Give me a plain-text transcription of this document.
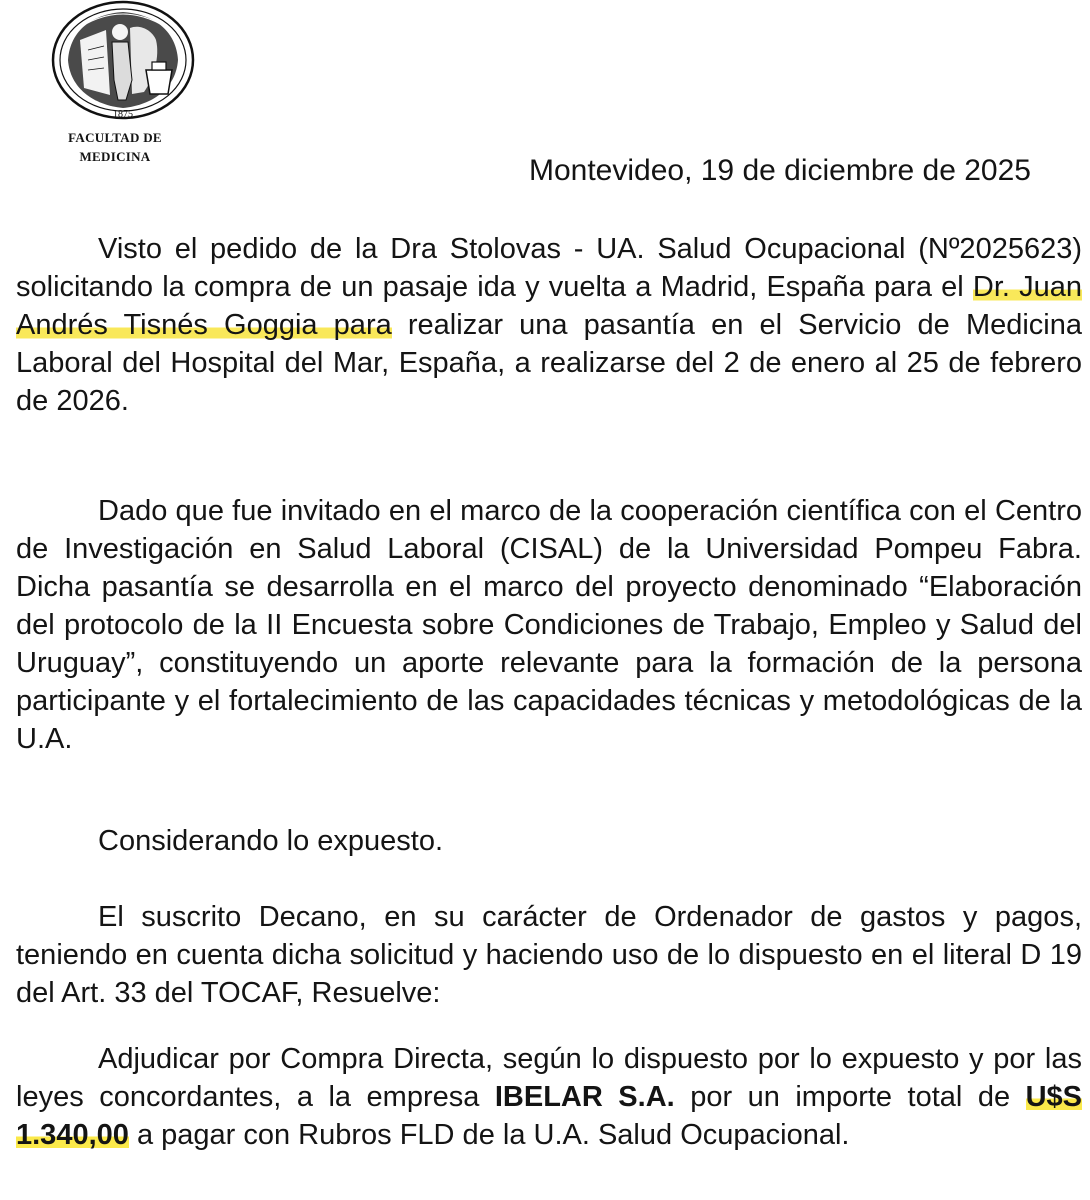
1875
FACULTAD DE
MEDICINA	Montevideo, 19 de diciembre de 2025

Visto el pedido de la Dra Stolovas - UA. Salud Ocupacional (Nº2025623) solicitando la compra de un pasaje ida y vuelta a Madrid, España para el Dr. Juan Andrés Tisnés Goggia para realizar una pasantía en el Servicio de Medicina Laboral del Hospital del Mar, España, a realizarse del 2 de enero al 25 de febrero de 2026.

Dado que fue invitado en el marco de la cooperación científica con el Centro de Investigación en Salud Laboral (CISAL) de la Universidad Pompeu Fabra. Dicha pasantía se desarrolla en el marco del proyecto denominado “Elaboración del protocolo de la II Encuesta sobre Condiciones de Trabajo, Empleo y Salud del Uruguay”, constituyendo un aporte relevante para la formación de la persona participante y el fortalecimiento de las capacidades técnicas y metodológicas de la U.A.

Considerando lo expuesto.

El suscrito Decano, en su carácter de Ordenador de gastos y pagos, teniendo en cuenta dicha solicitud y haciendo uso de lo dispuesto en el literal D 19 del Art. 33 del TOCAF, Resuelve:

Adjudicar por Compra Directa, según lo dispuesto por lo expuesto y por las leyes concordantes, a la empresa IBELAR S.A. por un importe total de U$S 1.340,00 a pagar con Rubros FLD de la U.A. Salud Ocupacional.
